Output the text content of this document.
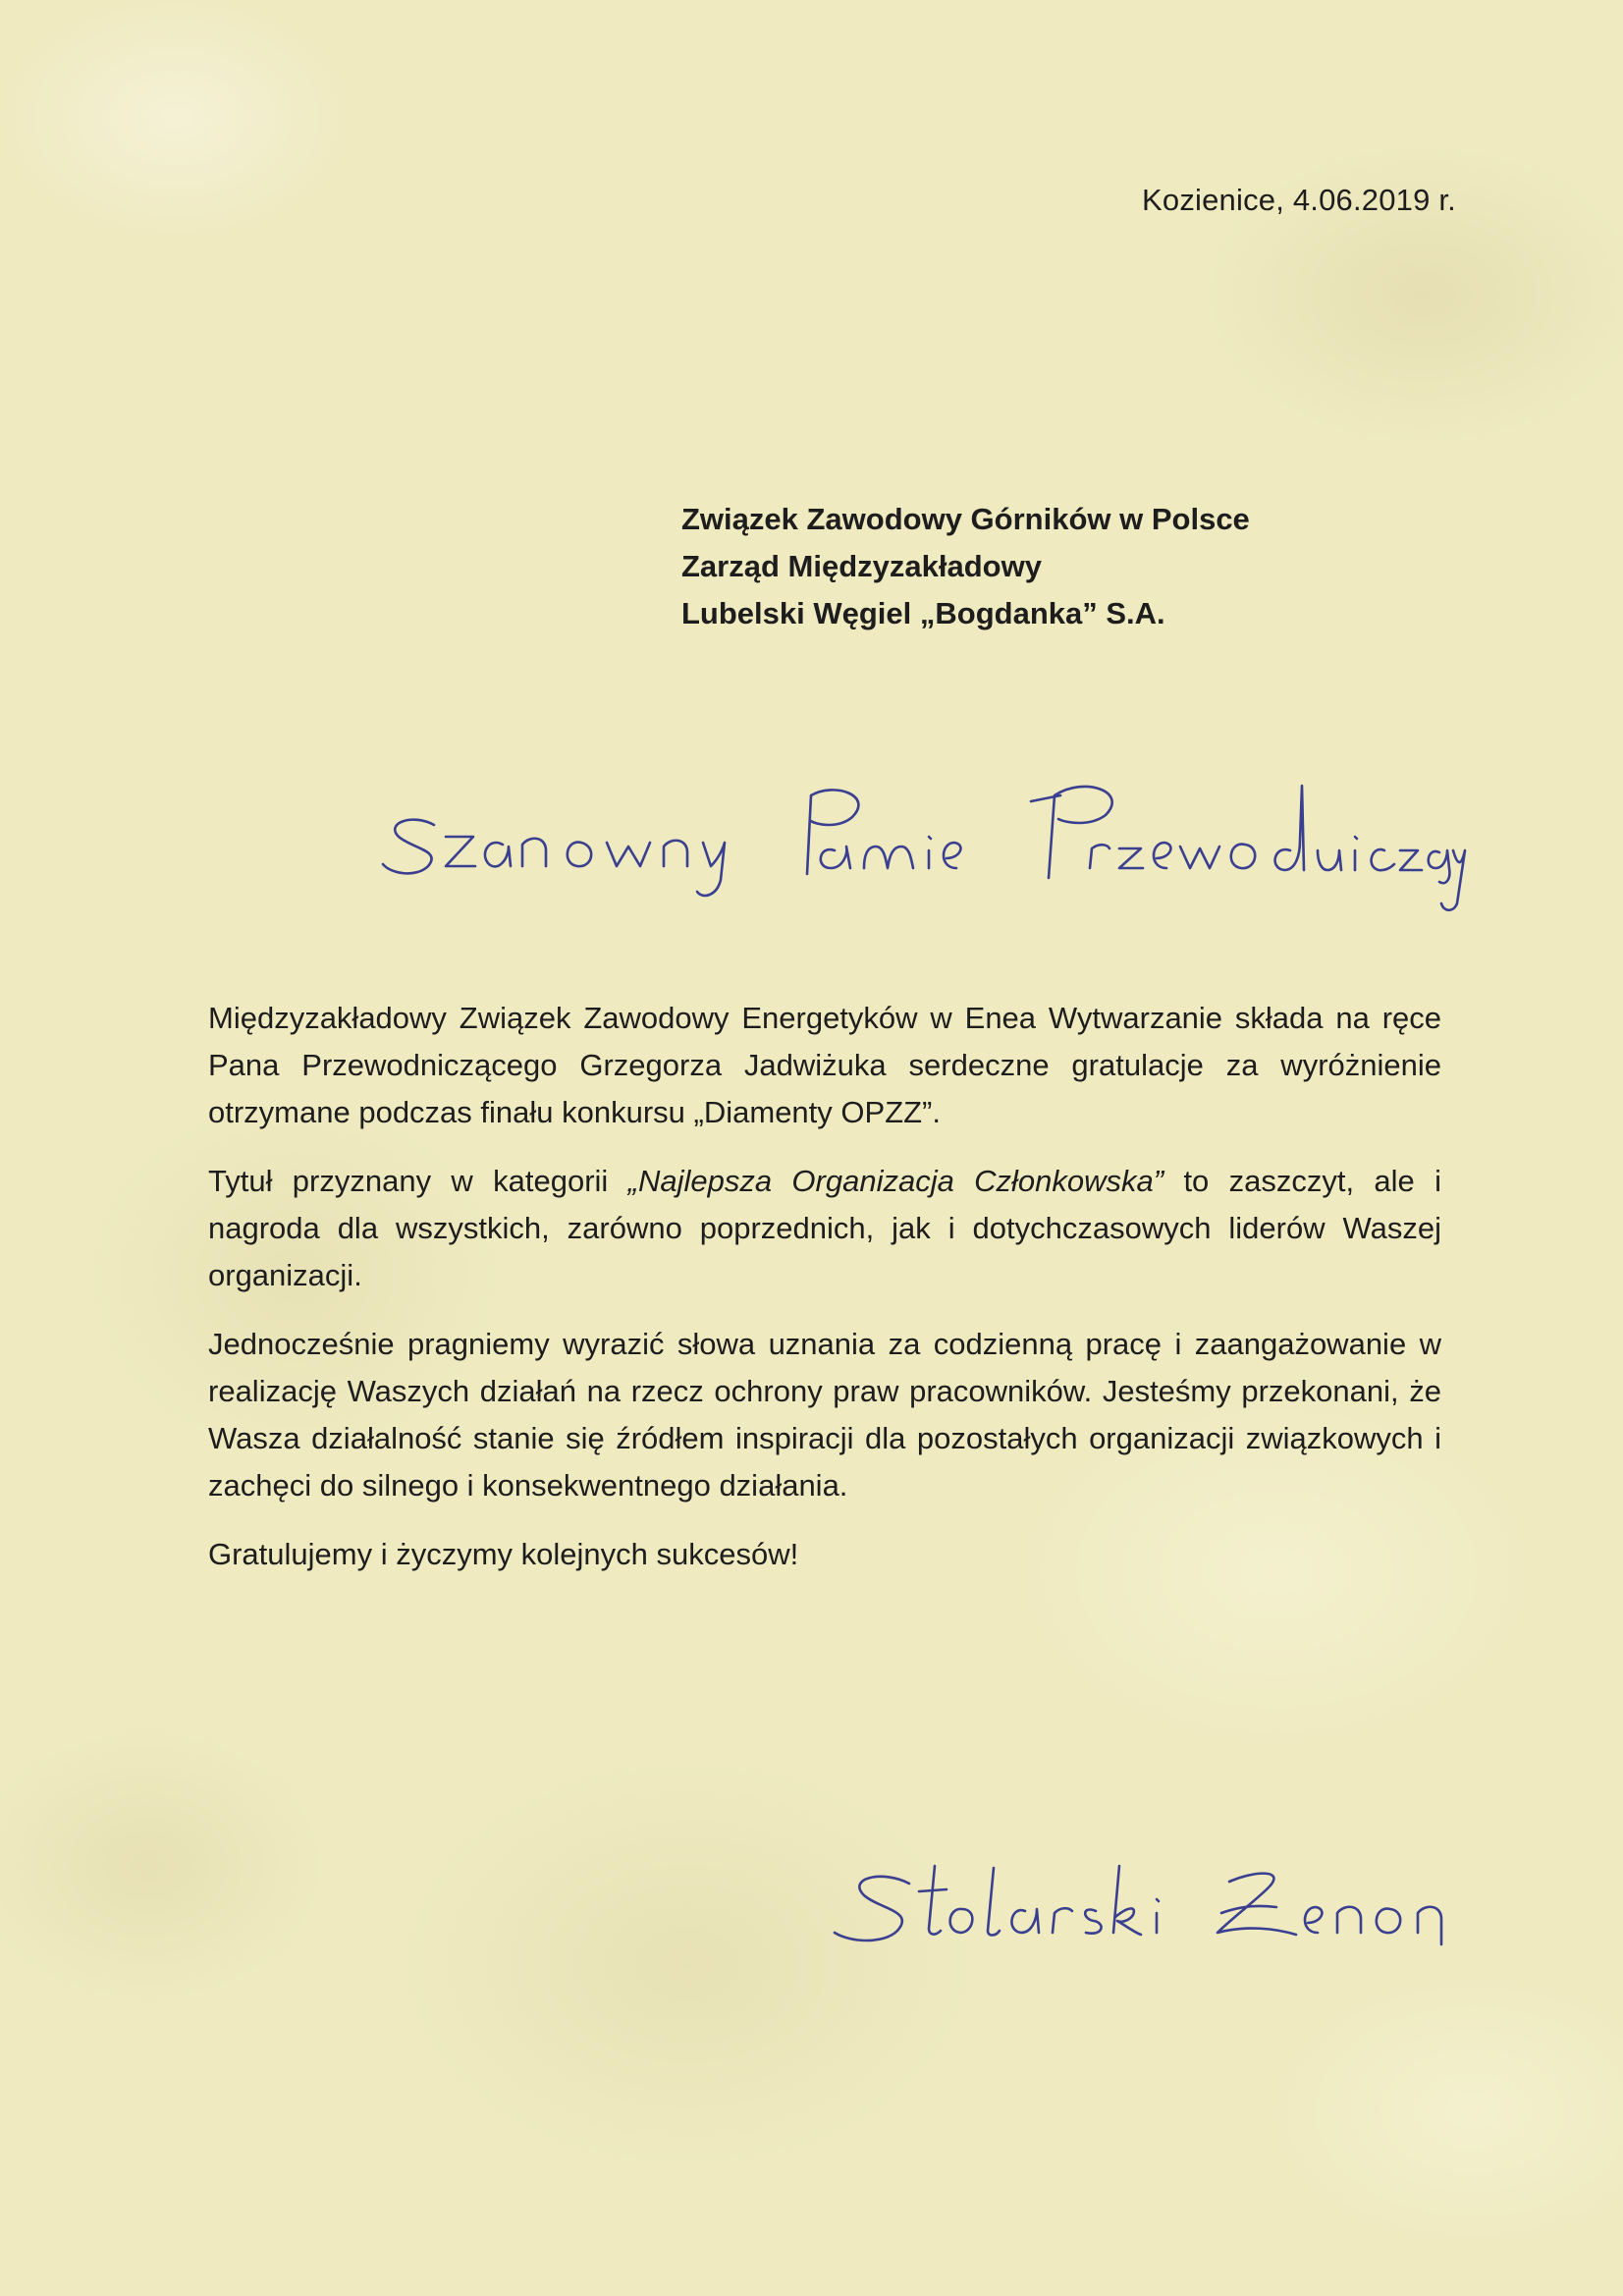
Kozienice, 4.06.2019 r.
Związek Zawodowy Górników w Polsce
Zarząd Międzyzakładowy
Lubelski Węgiel „Bogdanka” S.A.

Międzyzakładowy Związek Zawodowy Energetyków w Enea Wytwarzanie składa na ręce Pana Przewodniczącego Grzegorza Jadwiżuka serdeczne gratulacje za wyróżnienie otrzymane podczas finału konkursu „Diamenty OPZZ”.

Tytuł przyznany w kategorii „Najlepsza Organizacja Członkowska” to zaszczyt, ale i nagroda dla wszystkich, zarówno poprzednich, jak i dotychczasowych liderów Waszej organizacji.

Jednocześnie pragniemy wyrazić słowa uznania za codzienną pracę i zaangażowanie w realizację Waszych działań na rzecz ochrony praw pracowników. Jesteśmy przekonani, że Wasza działalność stanie się źródłem inspiracji dla pozostałych organizacji związkowych i zachęci do silnego i konsekwentnego działania.

Gratulujemy i życzymy kolejnych sukcesów!
